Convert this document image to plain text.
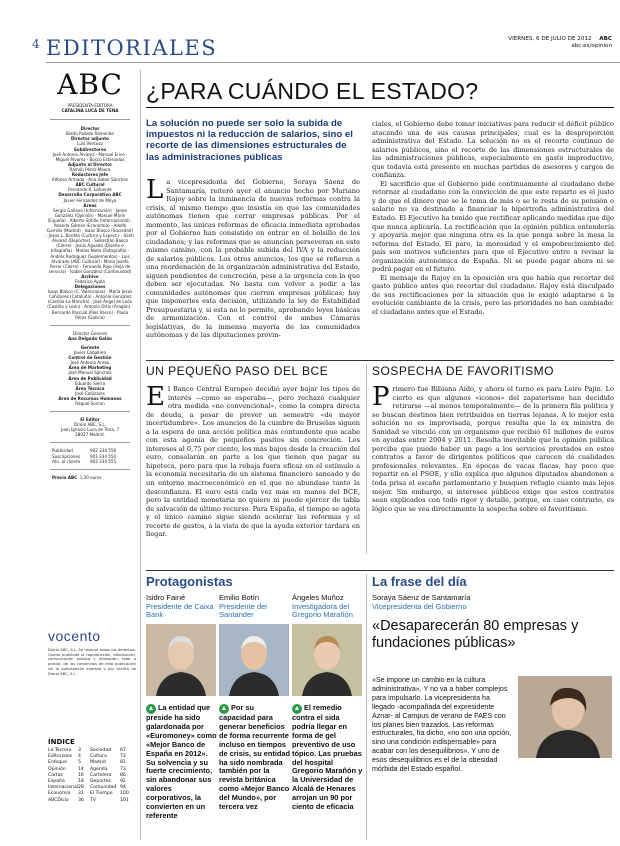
4 EDITORIALES	VIERNES, 6 DE JULIO DE 2012 ABC
abc.es/opinion
ABC
PRESIDENTA-EDITORA
CATALINA LUCA DE TENA
Director
Bieito Rubido Ramonde
Director adjunto
Luis Ventoso
Subdirectores
José Antonio Álvarez · Manuel Erice · Miguel Álvarez · Bosco Esteruelas
Adjunto al Director
Ramón Pérez-Maura
Redactores Jefe
Alfonso Armada · Ana Isabel Sánchez
ABC Cultural
Fernando R. Lafuente
Desarrollo Corporativo ABC
Javier Fernández de Moya
Áreas
Sergio Galiano (Información) · Jaime González (Opinión) · Manuel Marín (España) · Alberto Sotillo (Internacional) · Yolanda Gómez (Economía) · Adolfo Garrido (Madrid) · Isaac Blasco (Sociedad) · Jesús L. Bardón (Cultura y Espect.) · Santi Álvarez (Deportes) · Sebastián Basco (Cierre) · Jesús Aguado (Diseño e Infografía) · Matías Nieto (Fotografía) · Andrés Rodríguez (Suplementos) · Luis Alvarado (ABC Cultural) · María Josefa Ferrer (Cierre) · Fernando Rojo (Hoja de servicio) · Isabel González (Continuidad)
Archivo
Federico Ayala
Delegaciones
Isaac Blasco (C. Valenciana) · María Jesús Cañizares (Cataluña) · Antonio González (Castilla-La Mancha) · José Ángel de León (Castilla y León) · Antonio Ortiz (Aragón) · Bernardo Pascual (País Vasco) · Paula Pérez (Galicia)
Director General
Ana Delgado Galán
Gerente
Javier Caballero
Control de Gestión
José Antonio Arnau
Área de Marketing
José Manuel Sánchez
Área de Publicidad
Eduardo Sierra
Área Técnica
José Cañizares
Área de Recursos Humanos
Raquel Sorcon
El Editor
Diario ABC, S.L.
Juan Ignacio Luca de Tena, 7
28027 Madrid.
Publicidad	902 334 556
Suscripciones 901 334 554
Atn. al cliente 902 334 555
Precio ABC 1,30 euros
vocento
Diario ABC, S.L. Se reserva todos los derechos. Queda prohibida la reproducción, distribución, comunicación pública y utilización, total o parcial, de los contenidos de esta publicación sin la autorización expresa y por escrito de Diario ABC, S.L.
ÍNDICE
La Tercera	3	Sociedad	67
Editoriales	4	Cultura	73
Enfoque	5	Madrid	81
Opinión	14	Agenda	73
Cartas	16	Cartelera	86
España	18	Deportes	92
Internacional 28	Comunidad 94
Economía	31	El Tiempo	100
ABCDicio	36	TV	101
¿PARA CUÁNDO EL ESTADO?
La solución no puede ser solo la subida de impuestos ni la reducción de salarios, sino el recorte de las dimensiones estructurales de las administraciones públicas
L a vicepresidenta del Gobierno, Soraya Sáenz de Santamaría, reiteró ayer el anuncio hecho por Mariano Rajoy sobre la inminencia de nuevas reformas contra la crisis, al mismo tiempo que insistía en que las comunidades autónomas tienen que cerrar empresas públicas. Por el momento, las únicas reformas de eficacia inmediata aprobadas por el Gobierno han consistido en entrar en el bolsillo de los ciudadanos; y las reformas que se anuncian perseveran en este mismo camino, con la probable subida del IVA y la reducción de salarios públicos. Los otros anuncios, los que se refieren a una reordenación de la organización administrativa del Estado, siguen pendientes de concreción, pese a la urgencia con la que deben ser ejecutadas. No basta con volver a pedir a las comunidades autónomas que cierren empresas públicas; hay que imponerles esta decisión, utilizando la ley de Estabilidad Presupuestaria y, si esta no lo permite, aprobando leyes básicas de armonización. Con el control de ambas Cámaras legislativas, de la inmensa mayoría de las comunidades autónomas y de las diputaciones provin-

ciales, el Gobierno debe tomar iniciativas para reducir el déficit público atacando una de sus causas principales, cual es la desproporción administrativa del Estado. La solución no es el recorte continuo de salarios públicos, sino el recorte de las dimensiones estructurales de las administraciones públicas, especialmente en gasto improductivo, que todavía está presente en muchas partidas de asesores y cargos de confianza.

El sacrificio que el Gobierno pide continuamente al ciudadano debe retornar al ciudadano con la convicción de que este reparto es el justo y de que el dinero que se le toma de más o se le resta de su pensión o salario no va destinado a financiar la hipertrofia administrativa del Estado. El Ejecutivo ha tenido que rectificar aplicando medidas que dijo que nunca aplicaría. La rectificación que la opinión pública entendería y apoyaría mejor que ninguna otra es la que ponga sobre la mesa la reforma del Estado. El paro, la morosidad y el empobrecimiento del país son motivos suficientes para que el Ejecutivo entre a revisar la organización autonómica de España. Ni se puede pagar ahora ni se podrá pagar en el futuro.

El mensaje de Rajoy en la oposición era que había que recortar del gasto público antes que recortar del ciudadano. Rajoy está disculpado de sus rectificaciones por la situación que le exigió adaptarse a la evolución cambiante de la crisis, pero las prioridades no han cambiado: el ciudadano antes que el Estado.

UN PEQUEÑO PASO DEL BCE
E l Banco Central Europeo decidió ayer bajar los tipos de interés —como se esperaba—, pero rechazó cualquier otra medida «no convencional», como la compra directa de deuda, a pesar de prever un semestre «de mayor incertidumbre». Los anuncios de la cumbre de Bruselas siguen a la espera de una acción política más contundente que acabe con esta agonía de pequeños pasitos sin concreción. Los intereses al 0,75 por ciento, los más bajos desde la creación del euro, consolarán en parte a los que tienen que pagar su hipoteca, pero para que la rebaja fuera eficaz en el estímulo a la economía necesitaría de un sistema financiero saneado y de un entorno macroeconómico en el que no abundase tanto la desconfianza. El euro está cada vez más en manos del BCE, pero la entidad monetaria no quiere ni puede ejercer de tabla de salvación de último recurso. Para España, el tiempo se agota y el único camino sigue siendo acelerar las reformas y el recorte de gastos, a la vista de que la ayuda exterior tardará en llegar.

SOSPECHA DE FAVORITISMO
P rimero fue Bibiana Aído, y ahora el turno es para Leire Pajín. Lo cierto es que algunos «iconos» del zapaterismo han decidido retirarse —al menos temporalmente— de la primera fila política y se buscan destinos bien retribuidos en tierras lejanas. A lo mejor esta solución no es improvisada, porque resulta que la ex ministra de Sanidad se vinculó con un organismo que recibió 61 millones de euros en ayudas entre 2004 y 2011. Resulta inevitable que la opinión pública perciba que puede haber un pago a los servicios prestados en estos contratos a favor de dirigentes políticos que carecen de cualidades profesionales relevantes. En épocas de vacas flacas, hay poco que repartir en el PSOE, y ello explica que algunos diputados abandonen a toda prisa el escaño parlamentario y busquen refugio cuanto más lejos mejor. Sin embargo, si intereses públicos exige que estos contratos sean explicados con todo rigor y detalle, porque, en caso contrario, es lógico que se vea directamente la sospecha sobre el favoritismo.

Protagonistas
Isidro Fainé
Presidente de Caixa Bank
▲ La entidad que preside ha sido galardonada por «Euromoney» como «Mejor Banco de España en 2012». Su solvencia y su fuerte crecimiento, sin abandonar sus valores corporativos, la convierten en un referente
Emilio Botín
Presidente del Santander
▲ Por su capacidad para generar beneficios de forma recurrente incluso en tiempos de crisis, su entidad ha sido nombrada también por la revista británica como «Mejor Banco del Mundo», por tercera vez
Ángeles Muñoz
Investigadora del Gregorio Marañón
▲ El remedio contra el sida podría llegar en forma de gel preventivo de uso tópico. Las pruebas del hospital Gregorio Marañón y la Universidad de Alcalá de Henares arrojan un 90 por ciento de eficacia
La frase del día
Soraya Sáenz de Santamaría
Vicepresidenta del Gobierno
«Desaparecerán 80 empresas y fundaciones públicas»
«Se impone un cambio en la cultura administrativa». Y no va a haber complejos para impulsarlo. La vicepresidenta ha llegado -acompañada del expresidente Aznar- al Campus de verano de FAES con los planes bien trazados. Las reformas estructurales, ha dicho, «no son una opción, sino una condición indispensable» para acabar con los desequilibrios». Y uno de esos desequilibrios es el de la obesidad mórbida del Estado español.
